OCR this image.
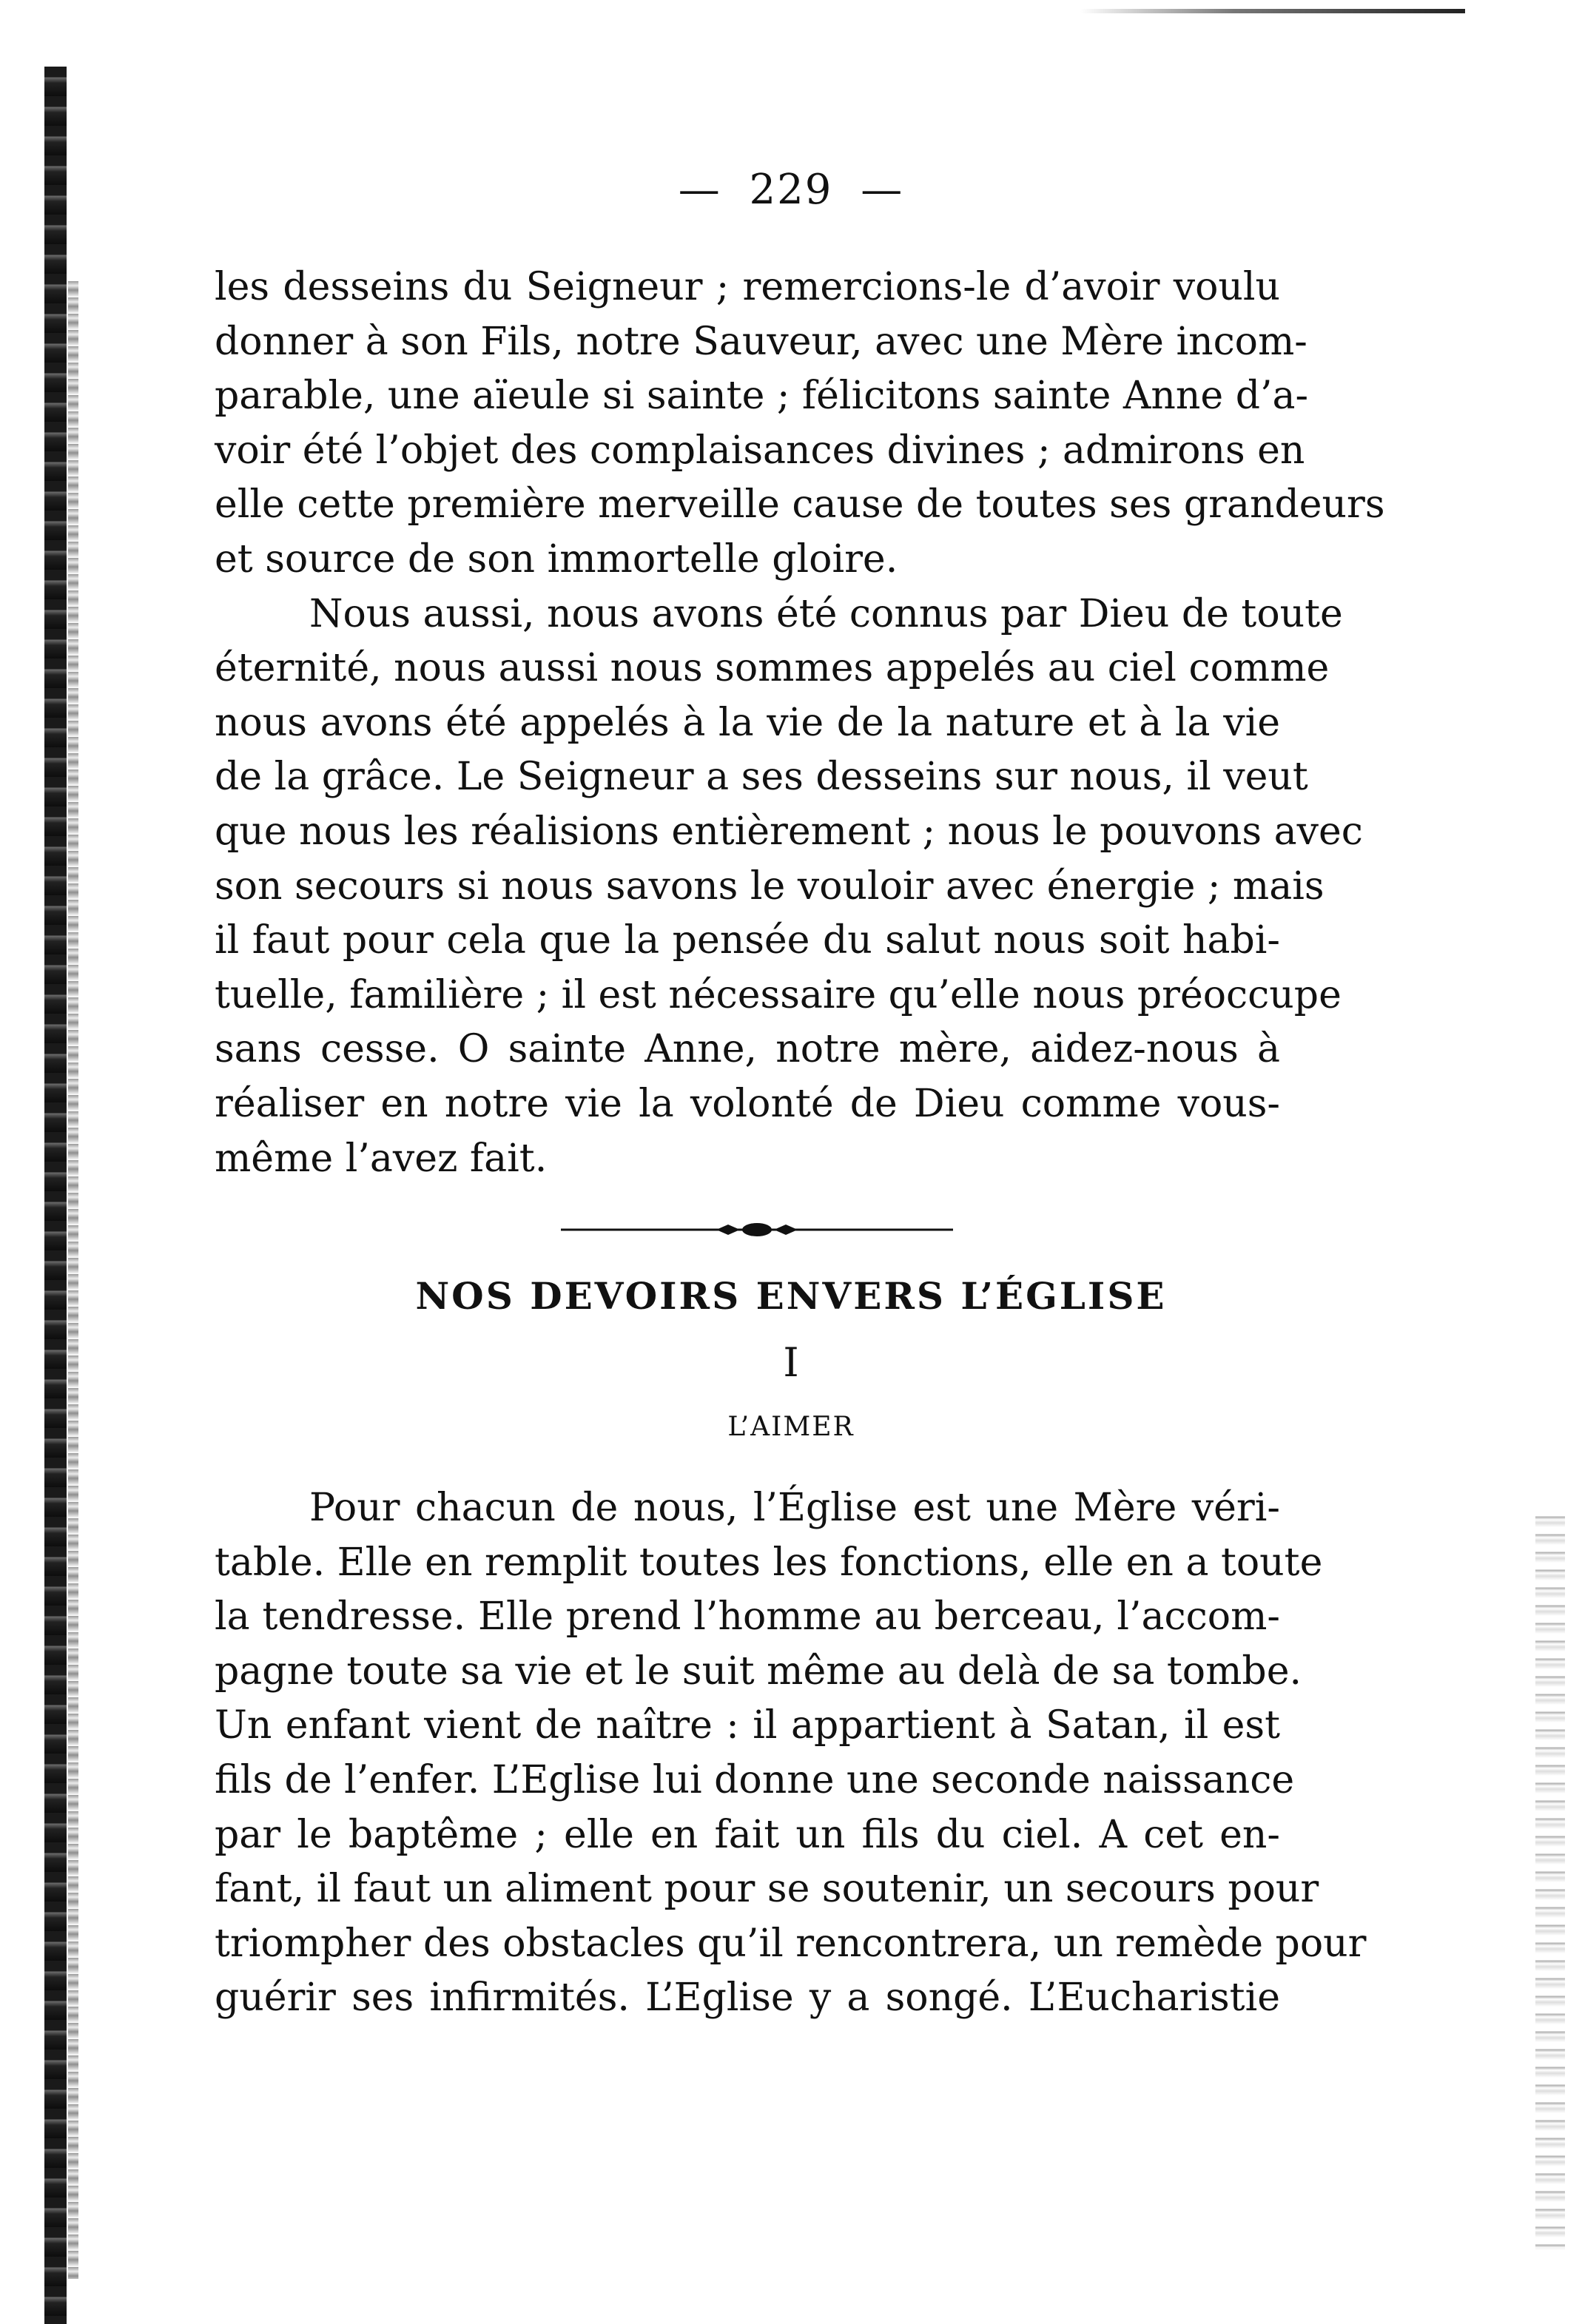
— 229 —
les desseins du Seigneur ; remercions-le d’avoir voulu
donner à son Fils, notre Sauveur, avec une Mère incom-
parable, une aïeule si sainte ; félicitons sainte Anne d’a-
voir été l’objet des complaisances divines ; admirons en
elle cette première merveille cause de toutes ses grandeurs
et source de son immortelle gloire.
Nous aussi, nous avons été connus par Dieu de toute
éternité, nous aussi nous sommes appelés au ciel comme
nous avons été appelés à la vie de la nature et à la vie
de la grâce. Le Seigneur a ses desseins sur nous, il veut
que nous les réalisions entièrement ; nous le pouvons avec
son secours si nous savons le vouloir avec énergie ; mais
il faut pour cela que la pensée du salut nous soit habi-
tuelle, familière ; il est nécessaire qu’elle nous préoccupe
sans cesse. O sainte Anne, notre mère, aidez-nous à
réaliser en notre vie la volonté de Dieu comme vous-
même l’avez fait.
NOS DEVOIRS ENVERS L’ÉGLISE
I
L’AIMER
Pour chacun de nous, l’Église est une Mère véri-
table. Elle en remplit toutes les fonctions, elle en a toute
la tendresse. Elle prend l’homme au berceau, l’accom-
pagne toute sa vie et le suit même au delà de sa tombe.
Un enfant vient de naître : il appartient à Satan, il est
fils de l’enfer. L’Eglise lui donne une seconde naissance
par le baptême ; elle en fait un fils du ciel. A cet en-
fant, il faut un aliment pour se soutenir, un secours pour
triompher des obstacles qu’il rencontrera, un remède pour
guérir ses infirmités. L’Eglise y a songé. L’Eucharistie
